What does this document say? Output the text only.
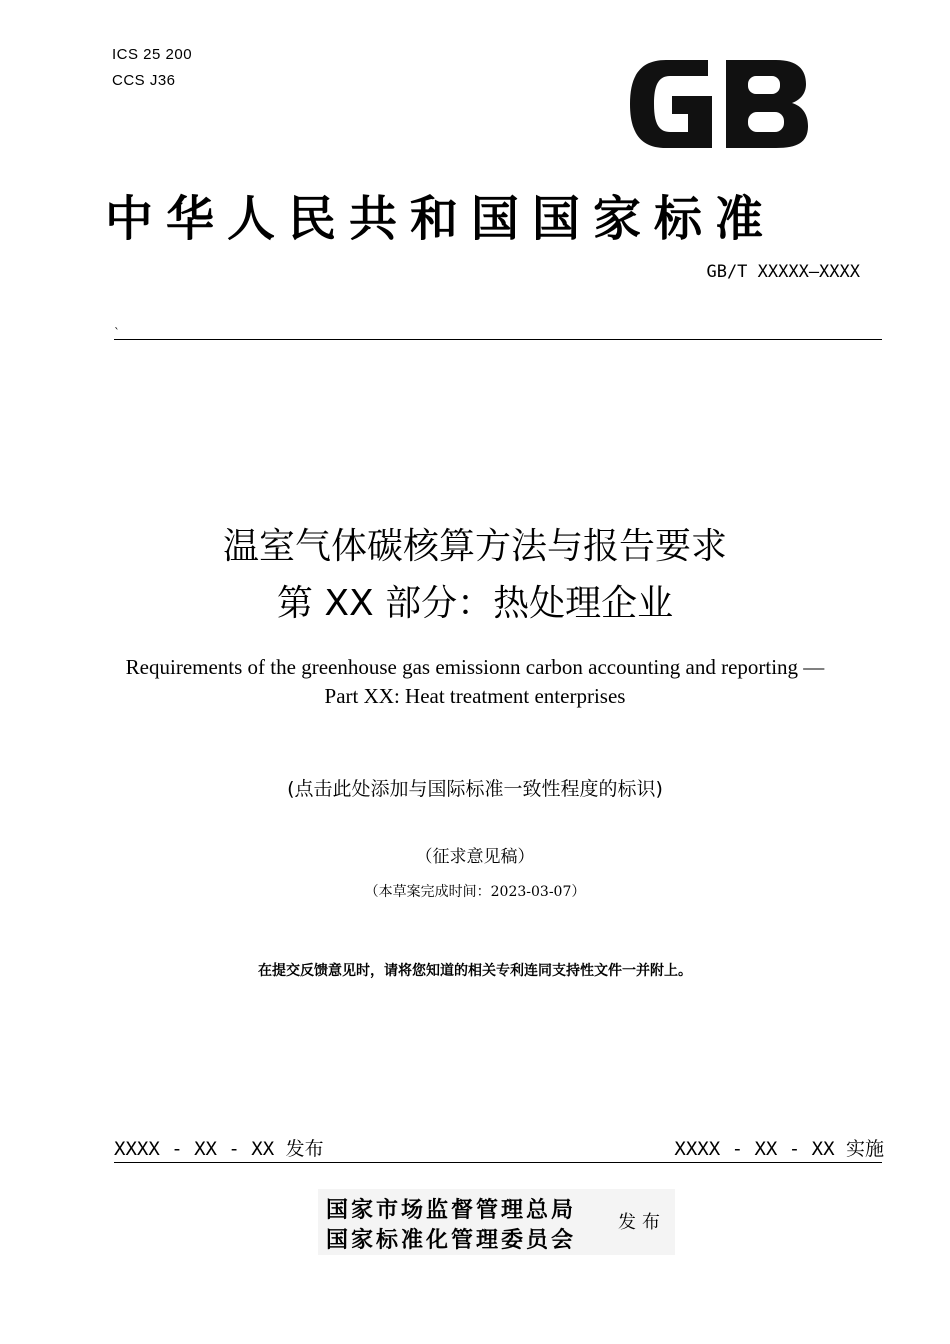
ICS 25 200
CCS J36
中华人民共和国国家标准
GB/T XXXXX—XXXX
`
温室气体碳核算方法与报告要求
第 XX 部分：热处理企业
Requirements of the greenhouse gas emissionn carbon accounting and reporting —
Part XX: Heat treatment enterprises
(点击此处添加与国际标准一致性程度的标识)
（征求意见稿）
（本草案完成时间：2023-03-07）
在提交反馈意见时，请将您知道的相关专利连同支持性文件一并附上。
XXXX - XX - XX 发布	XXXX - XX - XX 实施
国家市场监督管理总局
国家标准化管理委员会
发布
